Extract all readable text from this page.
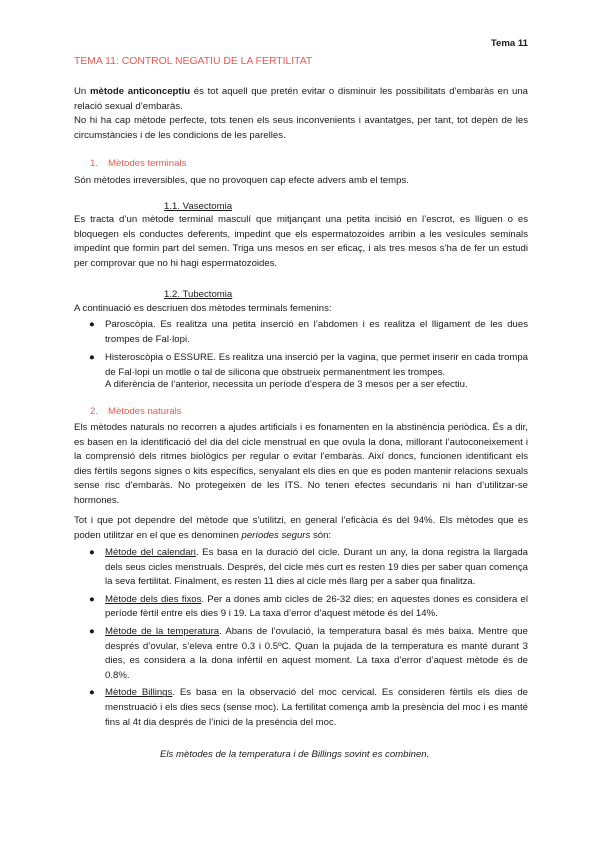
Tema 11
TEMA 11: CONTROL NEGATIU DE LA FERTILITAT

Un mètode anticonceptiu és tot aquell que pretén evitar o disminuir les possibilitats d’embaràs en una relació sexual d’embaràs.

No hi ha cap mètode perfecte, tots tenen els seus inconvenients i avantatges, per tant, tot depèn de les circumstàncies i de les condicions de les parelles.

1. Mètodes terminals

Són mètodes irreversibles, que no provoquen cap efecte advers amb el temps.

1.1. Vasectomia

Es tracta d’un mètode terminal masculí que mitjançant una petita incisió en l’escrot, es lliguen o es bloquegen els conductes deferents, impedint que els espermatozoides arribin a les vesícules seminals impedint que formin part del semen. Triga uns mesos en ser eficaç, i als tres mesos s’ha de fer un estudi per comprovar que no hi hagi espermatozoides.

1.2. Tubectomia

A continuació es descriuen dos mètodes terminals femenins:

● Paroscòpia. Es realitza una petita inserció en l’abdomen i es realitza el lligament de les dues trompes de Fal·lopi.
● Histeroscòpia o ESSURE. Es realitza una inserció per la vagina, que permet inserir en cada trompa de Fal·lopi un motlle o tal de silicona que obstrueix permanentment les trompes.

A diferència de l’anterior, necessita un període d’espera de 3 mesos per a ser efectiu.

2. Mètodes naturals

Els mètodes naturals no recorren a ajudes artificials i es fonamenten en la abstinència periòdica. És a dir, es basen en la identificació del dia del cicle menstrual en que ovula la dona, millorant l’autoconeixement i la comprensió dels ritmes biològics per regular o evitar l’embaràs. Així doncs, funcionen identificant els dies fèrtils segons signes o kits específics, senyalant els dies en que es poden mantenir relacions sexuals sense risc d’embaràs. No protegeixen de les ITS. No tenen efectes secundaris ni han d’utilitzar-se hormones.

Tot i que pot dependre del mètode que s’utilitzi, en general l’eficàcia és del 94%. Els mètodes que es poden utilitzar en el que es denominen períodes segurs són:

● Mètode del calendari. Es basa en la duració del cicle. Durant un any, la dona registra la llargada dels seus cicles menstruals. Després, del cicle més curt es resten 19 dies per saber quan comença la seva fertilitat. Finalment, es resten 11 dies al cicle més llarg per a saber qua finalitza.
● Mètode dels dies fixos. Per a dones amb cicles de 26-32 dies; en aquestes dones es considera el període fèrtil entre els dies 9 i 19. La taxa d’error d’aquest mètode és del 14%.
● Mètode de la temperatura. Abans de l’ovulació, la temperatura basal és més baixa. Mentre que després d’ovular, s’eleva entre 0.3 i 0.5ºC. Quan la pujada de la temperatura es manté durant 3 dies, es considera a la dona infèrtil en aquest moment. La taxa d’error d’aquest mètode és de 0.8%.
● Mètode Billings. Es basa en la observació del moc cervical. Es consideren fèrtils els dies de menstruació i els dies secs (sense moc). La fertilitat comença amb la presència del moc i es manté fins al 4t dia després de l’inici de la presència del moc.

Els mètodes de la temperatura i de Billings sovint es combinen.
